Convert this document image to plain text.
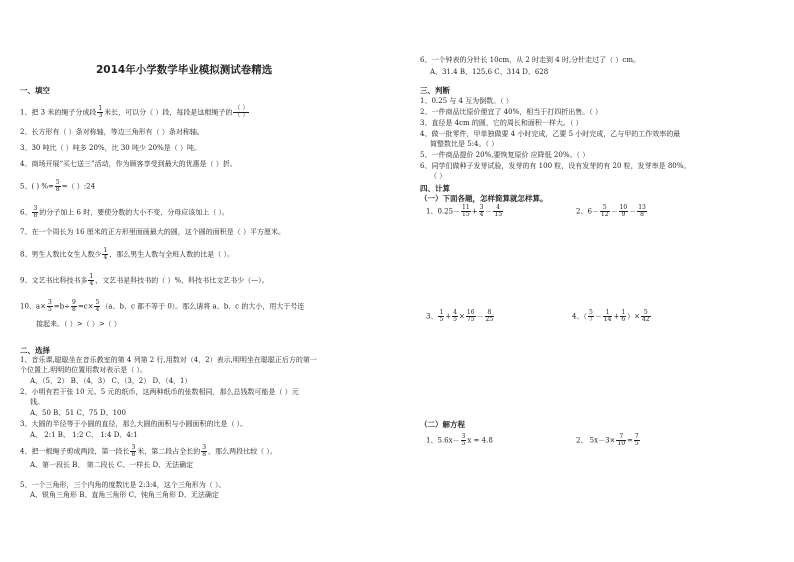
2014年小学数学毕业模拟测试卷精选
一、填空
1、把 3 米的绳子分成段 $\frac{1}{3}$ 米长，可以分（ ）段，每段是这根绳子的 $\frac{( )}{( )}$
2、长方形有（ ）条对称轴，等边三角形有（ ）条对称轴。
3、30 吨比（ ）吨多 20%，比 30 吨少 20%是（ ）吨。
4、商场开展“买七送三”活动，作为顾客享受到最大的优惠是（ ）折。
5、( ) %= $\frac{5}{8}$ =（ ）:24
6、 $\frac{3}{8}$ 的分子加上 6 时，要使分数的大小不变，分母应该加上（ ）。
7、在一个周长为 16 厘米的正方形里面画最大的圆，这个圆的面积是（ ）平方厘米。
8、男生人数比女生人数少 $\frac{1}{4}$ ，那么男生人数与全班人数的比是（ ）。
9、文艺书比科技书多 $\frac{1}{4}$ ，文艺书是科技书的（ ）%，科技书比文艺书少（—）。
10、$a\times \frac{3}{5} =b\div \frac{9}{8} =c\times \frac{5}{4} (a$、b、c 都不等于 0）。那么请将 a、b、c 的大小，用大于号连
接起来。（ ）>（ ）>（ ）
二、选择
1、音乐课,聪聪坐在音乐教室的第 4 列第 2 行,用数对（4，2）表示,明明坐在聪聪正后方的第一
个位置上,明明的位置用数对表示是（ ）。
A、（5，2） B、（4，3） C、（3，2） D、（4，1）
2、小明有若干张 10 元、5 元的纸币，这两种纸币的张数相同，那么总钱数可能是（ ）元
钱。
A、50 B、51 C、75 D、100
3、大圆的半径等于小圆的直径，那么大圆的面积与小圆面积的比是（ ）。
A、 2:1 B、 1:2 C、 1:4 D、4:1
4、把一根绳子剪成两段，第一段长 $\frac{3}{8}$ 米，第二段占全长的 $\frac{3}{8}$ ，那么两段比较（ ）。
A、第一段长 B、 第二段长 C、一样长 D、无法确定
5、一个三角形，三个内角的度数比是 2:3:4，这个三角形为（ ）。
A、锐角三角形 B、直角三角形 C、钝角三角形 D、无法确定
6、一个钟表的分针长 10cm，从 2 时走到 4 时,分针走过了（ ）cm。
A、31.4 B、125.6 C、314 D、628
三、判断
1、0.25 与 4 互为倒数。（ ）
2、一件商品比原价便宜了 40%，相当于打四折出售。（ ）
3、直径是 4cm 的圆，它的周长和面积一样大。（ ）
4、做一批零件，甲单独做要 4 小时完成，乙要 5 小时完成，乙与甲的工作效率的最
简整数比是 5:4。（ ）
5、一件商品提价 20%,要恢复原价 应降低 20%。（ ）
6、同学们做种子发芽试验，发芽的有 100 粒，设有发芽的有 20 粒，发芽率是 80%。
（ ）
四、计算
（一）下面各题，怎样简算就怎样算。
1、$0.25- \frac{11}{15} + \frac{3}{4} - \frac{4}{15}$	2、$6- \frac{5}{12} - \frac{10}{9} - \frac{13}{8}$
3、 $\frac{1}{5} + \frac{4}{5} \times \frac{16}{75} - \frac{8}{25}$	4、（ $\frac{5}{7} - \frac{1}{14} + \frac{1}{6}$ ）× $\frac{5}{42}$
（二）解方程
1、$5.6x- \frac{3}{5}$ x = 4.8	2、 $5x-3\times \frac{7}{10} = \frac{7}{5}$
